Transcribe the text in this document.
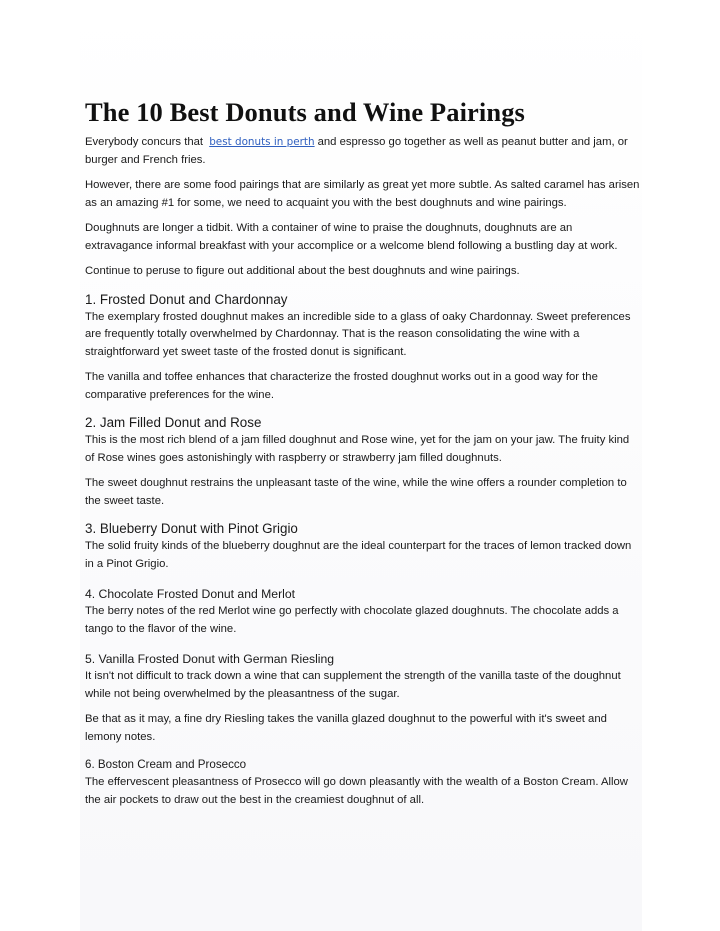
The 10 Best Donuts and Wine Pairings

Everybody concurs that best donuts in perth and espresso go together as well as peanut butter and jam, or burger and French fries.

However, there are some food pairings that are similarly as great yet more subtle. As salted caramel has arisen as an amazing #1 for some, we need to acquaint you with the best doughnuts and wine pairings.

Doughnuts are longer a tidbit. With a container of wine to praise the doughnuts, doughnuts are an extravagance informal breakfast with your accomplice or a welcome blend following a bustling day at work.

Continue to peruse to figure out additional about the best doughnuts and wine pairings.

1. Frosted Donut and Chardonnay

The exemplary frosted doughnut makes an incredible side to a glass of oaky Chardonnay. Sweet preferences are frequently totally overwhelmed by Chardonnay. That is the reason consolidating the wine with a straightforward yet sweet taste of the frosted donut is significant.

The vanilla and toffee enhances that characterize the frosted doughnut works out in a good way for the comparative preferences for the wine.

2. Jam Filled Donut and Rose

This is the most rich blend of a jam filled doughnut and Rose wine, yet for the jam on your jaw. The fruity kind of Rose wines goes astonishingly with raspberry or strawberry jam filled doughnuts.

The sweet doughnut restrains the unpleasant taste of the wine, while the wine offers a rounder completion to the sweet taste.

3. Blueberry Donut with Pinot Grigio

The solid fruity kinds of the blueberry doughnut are the ideal counterpart for the traces of lemon tracked down in a Pinot Grigio.

4. Chocolate Frosted Donut and Merlot

The berry notes of the red Merlot wine go perfectly with chocolate glazed doughnuts. The chocolate adds a tango to the flavor of the wine.

5. Vanilla Frosted Donut with German Riesling

It isn't not difficult to track down a wine that can supplement the strength of the vanilla taste of the doughnut while not being overwhelmed by the pleasantness of the sugar.

Be that as it may, a fine dry Riesling takes the vanilla glazed doughnut to the powerful with it's sweet and lemony notes.

6. Boston Cream and Prosecco

The effervescent pleasantness of Prosecco will go down pleasantly with the wealth of a Boston Cream. Allow the air pockets to draw out the best in the creamiest doughnut of all.
